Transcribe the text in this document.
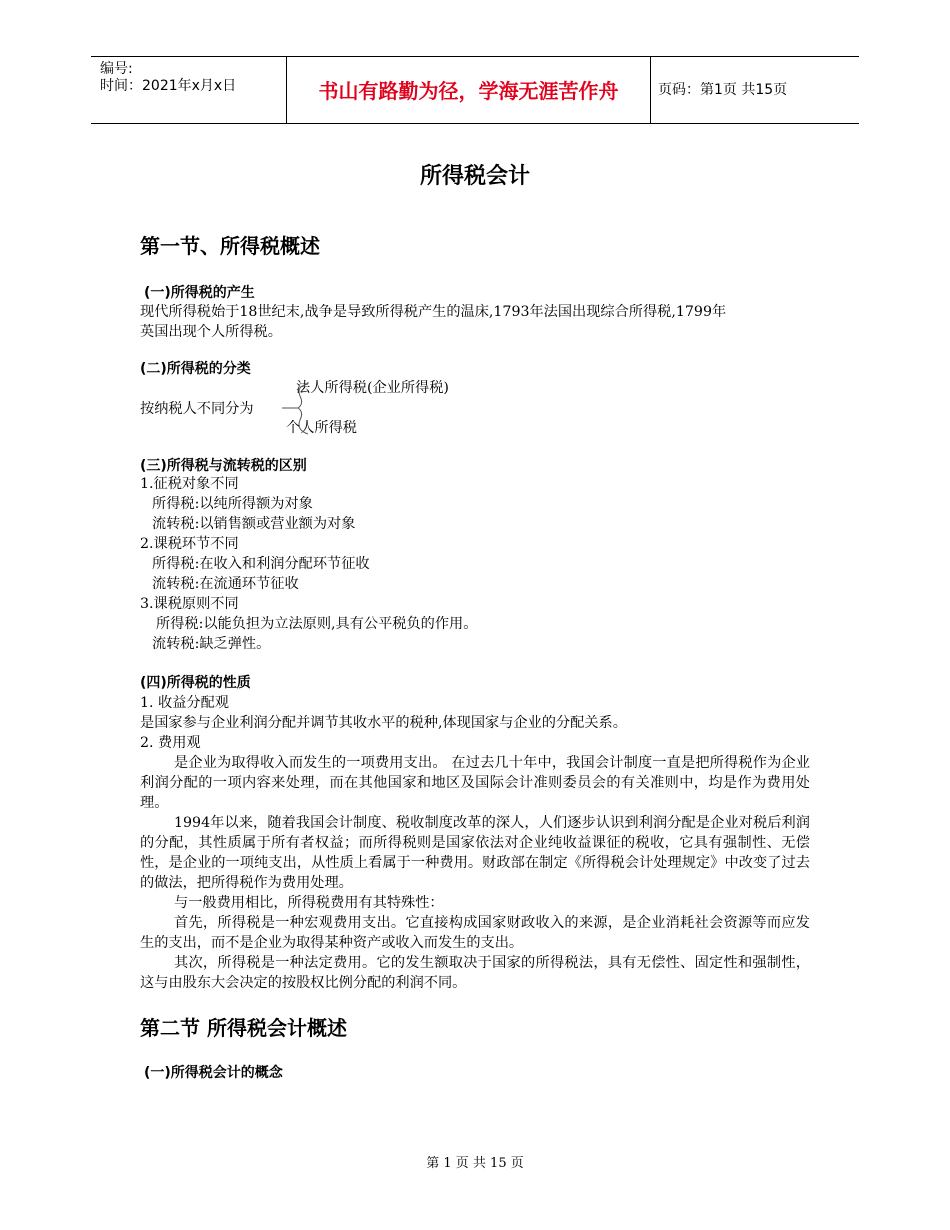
编号:
时间：2021年x月x日	书山有路勤为径，学海无涯苦作舟	页码：第1页 共15页
所得税会计
第一节、所得税概述
(一)所得税的产生
现代所得税始于18世纪末,战争是导致所得税产生的温床,1793年法国出现综合所得税,1799年
英国出现个人所得税。
(二)所得税的分类
法人所得税(企业所得税)
按纳税人不同分为
个人所得税
(三)所得税与流转税的区别
1.征税对象不同
所得税:以纯所得额为对象
流转税:以销售额或营业额为对象
2.课税环节不同
所得税:在收入和利润分配环节征收
流转税:在流通环节征收
3.课税原则不同
所得税:以能负担为立法原则,具有公平税负的作用。
流转税:缺乏弹性。
(四)所得税的性质
1. 收益分配观
是国家参与企业利润分配并调节其收水平的税种,体现国家与企业的分配关系。
2. 费用观
是企业为取得收入而发生的一项费用支出。 在过去几十年中，我国会计制度一直是把所得税作为企业利润分配的一项内容来处理，而在其他国家和地区及国际会计准则委员会的有关准则中，均是作为费用处理。
1994年以来，随着我国会计制度、税收制度改革的深人，人们逐步认识到利润分配是企业对税后利润的分配，其性质属于所有者权益；而所得税则是国家依法对企业纯收益课征的税收，它具有强制性、无偿性，是企业的一项纯支出，从性质上看属于一种费用。财政部在制定《所得税会计处理规定》中改变了过去的做法，把所得税作为费用处理。
与一般费用相比，所得税费用有其特殊性：
首先，所得税是一种宏观费用支出。它直接构成国家财政收入的来源，是企业消耗社会资源等而应发生的支出，而不是企业为取得某种资产或收入而发生的支出。
其次，所得税是一种法定费用。它的发生额取决于国家的所得税法，具有无偿性、固定性和强制性，这与由股东大会决定的按股权比例分配的利润不同。
第二节 所得税会计概述
(一)所得税会计的概念
第 1 页 共 15 页
